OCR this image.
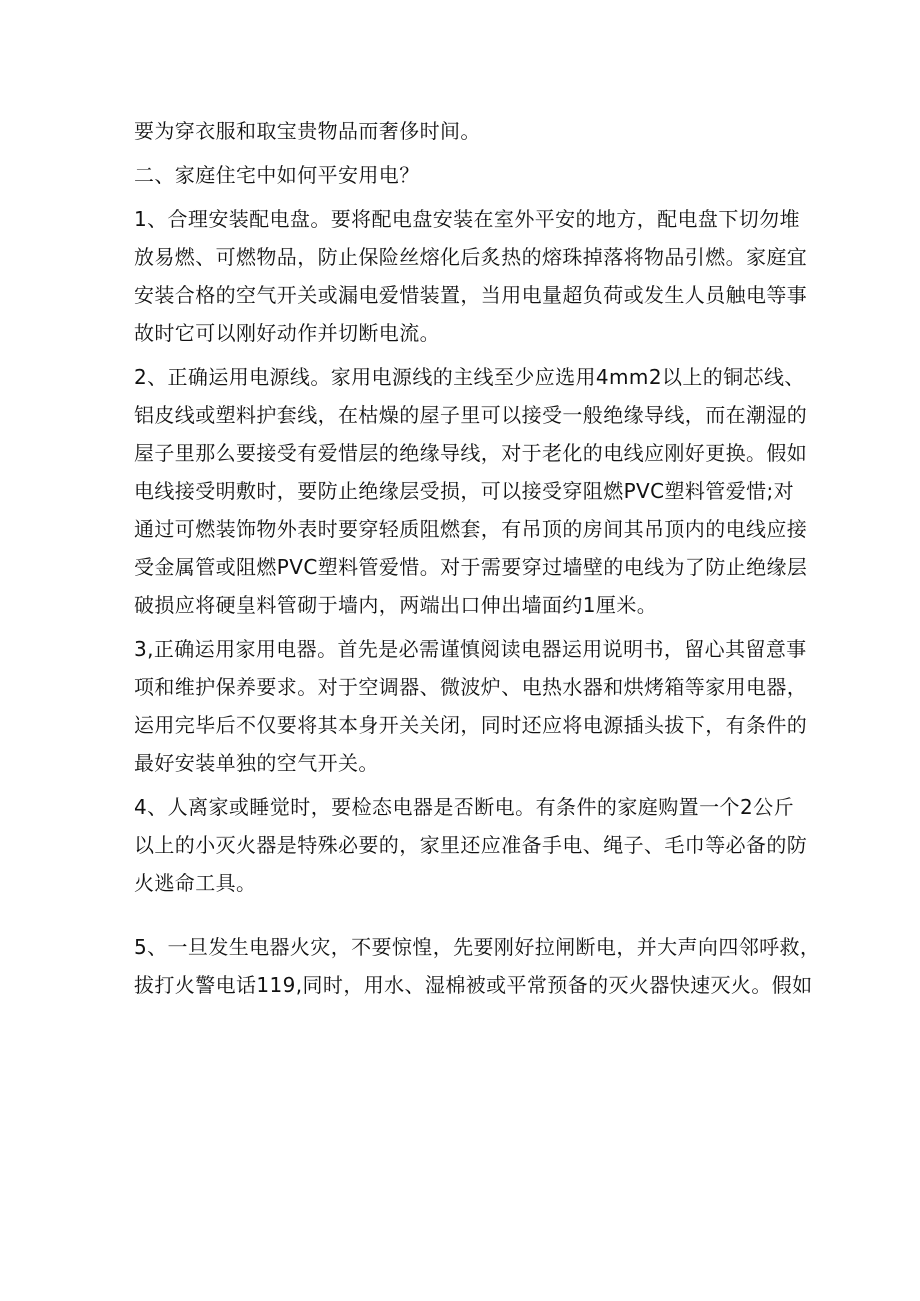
要为穿衣服和取宝贵物品而奢侈时间。
二、家庭住宅中如何平安用电？
1、合理安装配电盘。要将配电盘安装在室外平安的地方，配电盘下切勿堆
放易燃、可燃物品，防止保险丝熔化后炙热的熔珠掉落将物品引燃。家庭宜
安装合格的空气开关或漏电爱惜装置，当用电量超负荷或发生人员触电等事
故时它可以刚好动作并切断电流。
2、正确运用电源线。家用电源线的主线至少应选用4mm2以上的铜芯线、
铝皮线或塑料护套线，在枯燥的屋子里可以接受一般绝缘导线，而在潮湿的
屋子里那么要接受有爱惜层的绝缘导线，对于老化的电线应刚好更换。假如
电线接受明敷时，要防止绝缘层受损，可以接受穿阻燃PVC塑料管爱惜;对
通过可燃装饰物外表时要穿轻质阻燃套，有吊顶的房间其吊顶内的电线应接
受金属管或阻燃PVC塑料管爱惜。对于需要穿过墙壁的电线为了防止绝缘层
破损应将硬皇料管砌于墙内，两端出口伸出墙面约1厘米。
3,正确运用家用电器。首先是必需谨慎阅读电器运用说明书，留心其留意事
项和维护保养要求。对于空调器、微波炉、电热水器和烘烤箱等家用电器，
运用完毕后不仅要将其本身开关关闭，同时还应将电源插头拔下，有条件的
最好安装单独的空气开关。
4、人离家或睡觉时，要检态电器是否断电。有条件的家庭购置一个2公斤
以上的小灭火器是特殊必要的，家里还应准备手电、绳子、毛巾等必备的防
火逃命工具。
5、一旦发生电器火灾，不要惊惶，先要刚好拉闸断电，并大声向四邻呼救，
拔打火警电话119,同时，用水、湿棉被或平常预备的灭火器快速灭火。假如
